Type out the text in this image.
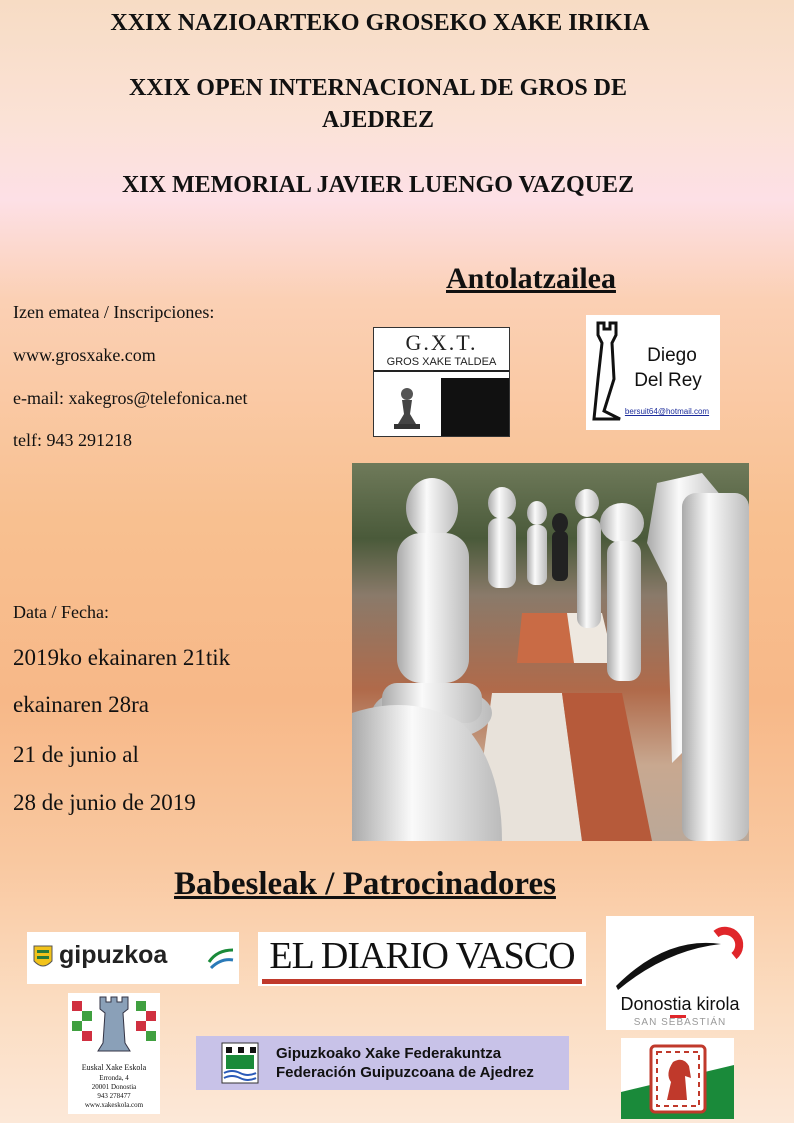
XXIX NAZIOARTEKO GROSEKO XAKE IRIKIA
XXIX OPEN INTERNACIONAL DE GROS DE
AJEDREZ
XIX MEMORIAL JAVIER LUENGO VAZQUEZ
Antolatzailea
Izen ematea / Inscripciones:
www.grosxake.com
e-mail: xakegros@telefonica.net
telf: 943 291218
G.X.T.
GROS XAKE TALDEA	Diego
Del Rey
bersuit64@hotmail.com
Data / Fecha:
2019ko ekainaren 21tik
ekainaren 28ra
21 de junio al
28 de junio de 2019
Babesleak / Patrocinadores
gipuzkoa	EL DIARIO VASCO
Donostia kirola
SAN SEBASTIÁN
Euskal Xake Eskola
Erronda, 4
20001 Donostia
943 278477
www.xakeskola.com
Gipuzkoako Xake Federakuntza
Federación Guipuzcoana de Ajedrez
